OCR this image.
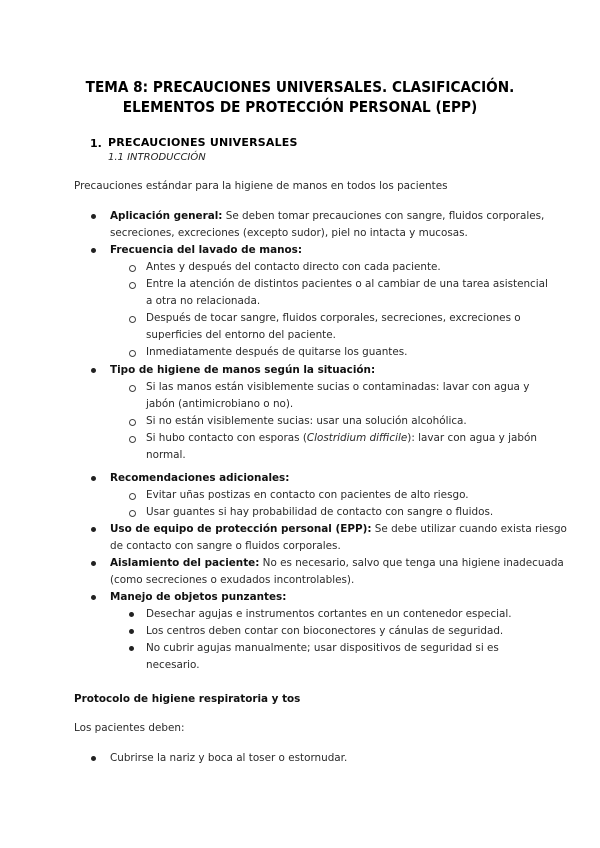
TEMA 8: PRECAUCIONES UNIVERSALES. CLASIFICACIÓN.
ELEMENTOS DE PROTECCIÓN PERSONAL (EPP)
1. PRECAUCIONES UNIVERSALES
1.1 INTRODUCCIÓN
Precauciones estándar para la higiene de manos en todos los pacientes
Aplicación general: Se deben tomar precauciones con sangre, fluidos corporales,
secreciones, excreciones (excepto sudor), piel no intacta y mucosas.
Frecuencia del lavado de manos:
Antes y después del contacto directo con cada paciente.
Entre la atención de distintos pacientes o al cambiar de una tarea asistencial
a otra no relacionada.
Después de tocar sangre, fluidos corporales, secreciones, excreciones o
superficies del entorno del paciente.
Inmediatamente después de quitarse los guantes.
Tipo de higiene de manos según la situación:
Si las manos están visiblemente sucias o contaminadas: lavar con agua y
jabón (antimicrobiano o no).
Si no están visiblemente sucias: usar una solución alcohólica.
Si hubo contacto con esporas (Clostridium difficile): lavar con agua y jabón
normal.
Recomendaciones adicionales:
Evitar uñas postizas en contacto con pacientes de alto riesgo.
Usar guantes si hay probabilidad de contacto con sangre o fluidos.
Uso de equipo de protección personal (EPP): Se debe utilizar cuando exista riesgo
de contacto con sangre o fluidos corporales.
Aislamiento del paciente: No es necesario, salvo que tenga una higiene inadecuada
(como secreciones o exudados incontrolables).
Manejo de objetos punzantes:
Desechar agujas e instrumentos cortantes en un contenedor especial.
Los centros deben contar con bioconectores y cánulas de seguridad.
No cubrir agujas manualmente; usar dispositivos de seguridad si es
necesario.
Protocolo de higiene respiratoria y tos
Los pacientes deben:
Cubrirse la nariz y boca al toser o estornudar.
